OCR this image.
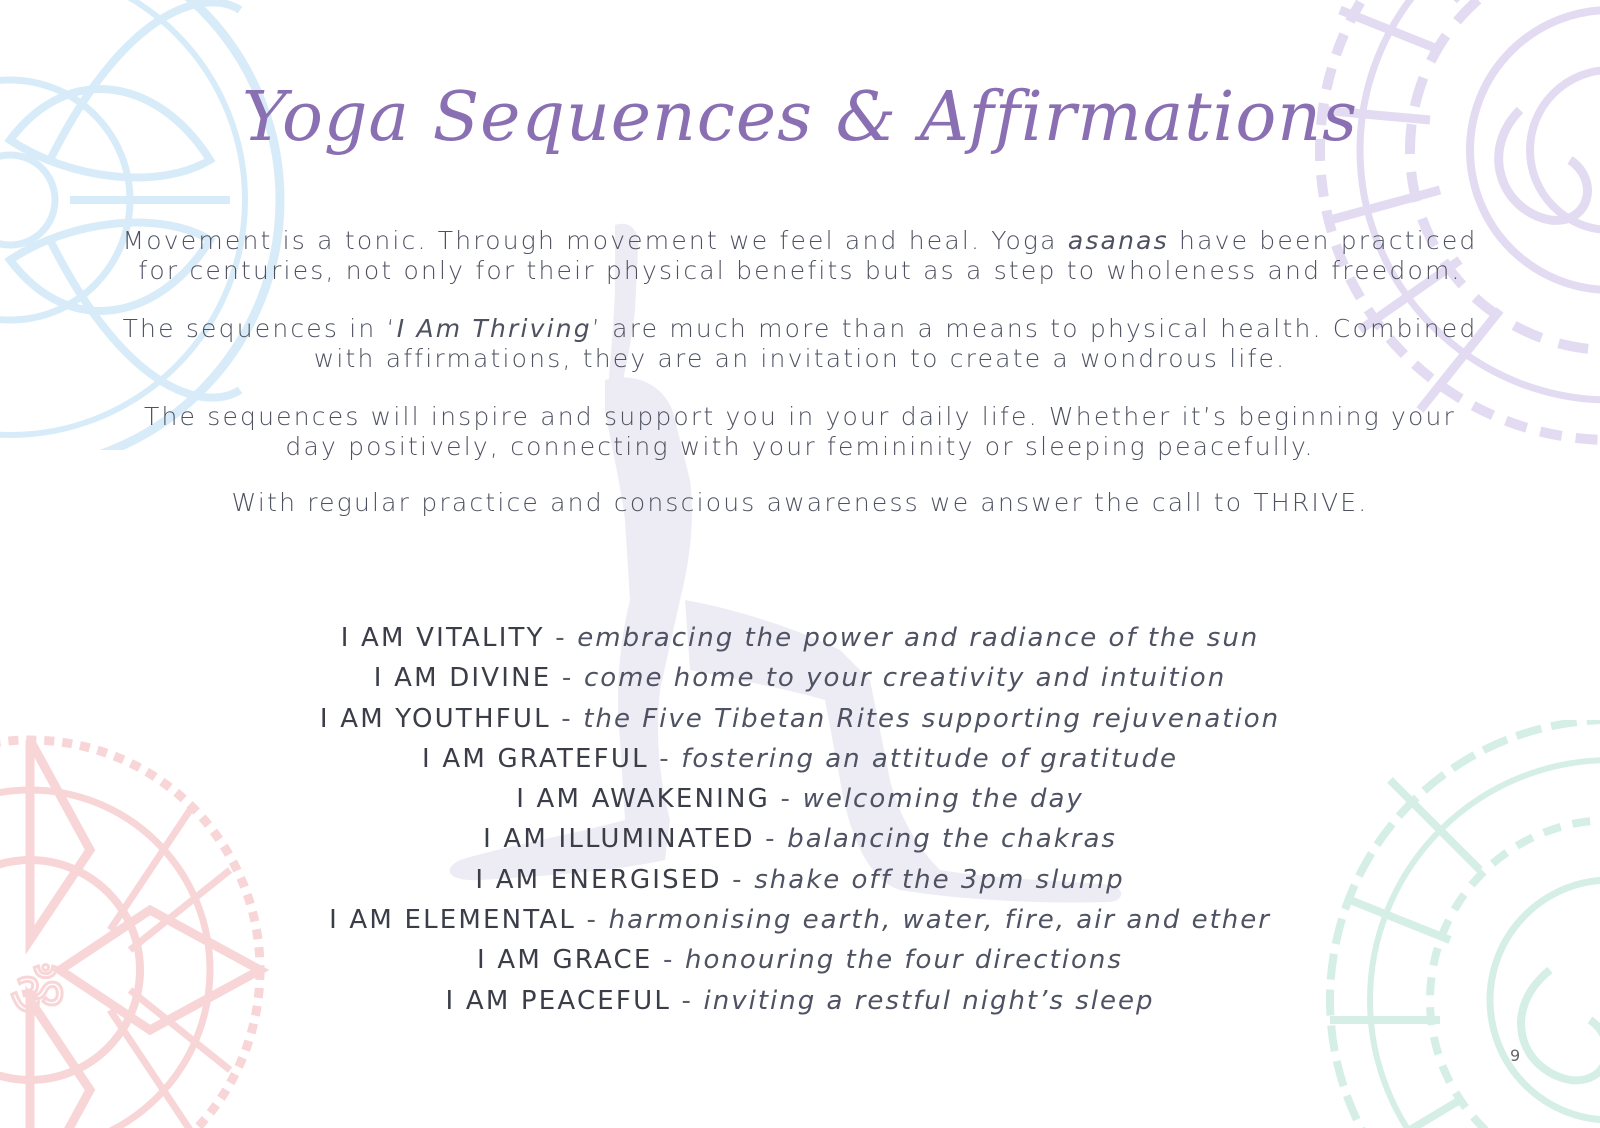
ॐ
Yoga Sequences & Affirmations

Movement is a tonic. Through movement we feel and heal. Yoga asanas have been practiced for centuries, not only for their physical benefits but as a step to wholeness and freedom.

The sequences in ‘I Am Thriving’ are much more than a means to physical health. Combined with affirmations, they are an invitation to create a wondrous life.

The sequences will inspire and support you in your daily life. Whether it’s beginning your day positively, connecting with your femininity or sleeping peacefully.

With regular practice and conscious awareness we answer the call to THRIVE.

I AM VITALITY - embracing the power and radiance of the sun
I AM DIVINE - come home to your creativity and intuition
I AM YOUTHFUL - the Five Tibetan Rites supporting rejuvenation
I AM GRATEFUL - fostering an attitude of gratitude
I AM AWAKENING - welcoming the day
I AM ILLUMINATED - balancing the chakras
I AM ENERGISED - shake off the 3pm slump
I AM ELEMENTAL - harmonising earth, water, fire, air and ether
I AM GRACE - honouring the four directions
I AM PEACEFUL - inviting a restful night’s sleep
9
